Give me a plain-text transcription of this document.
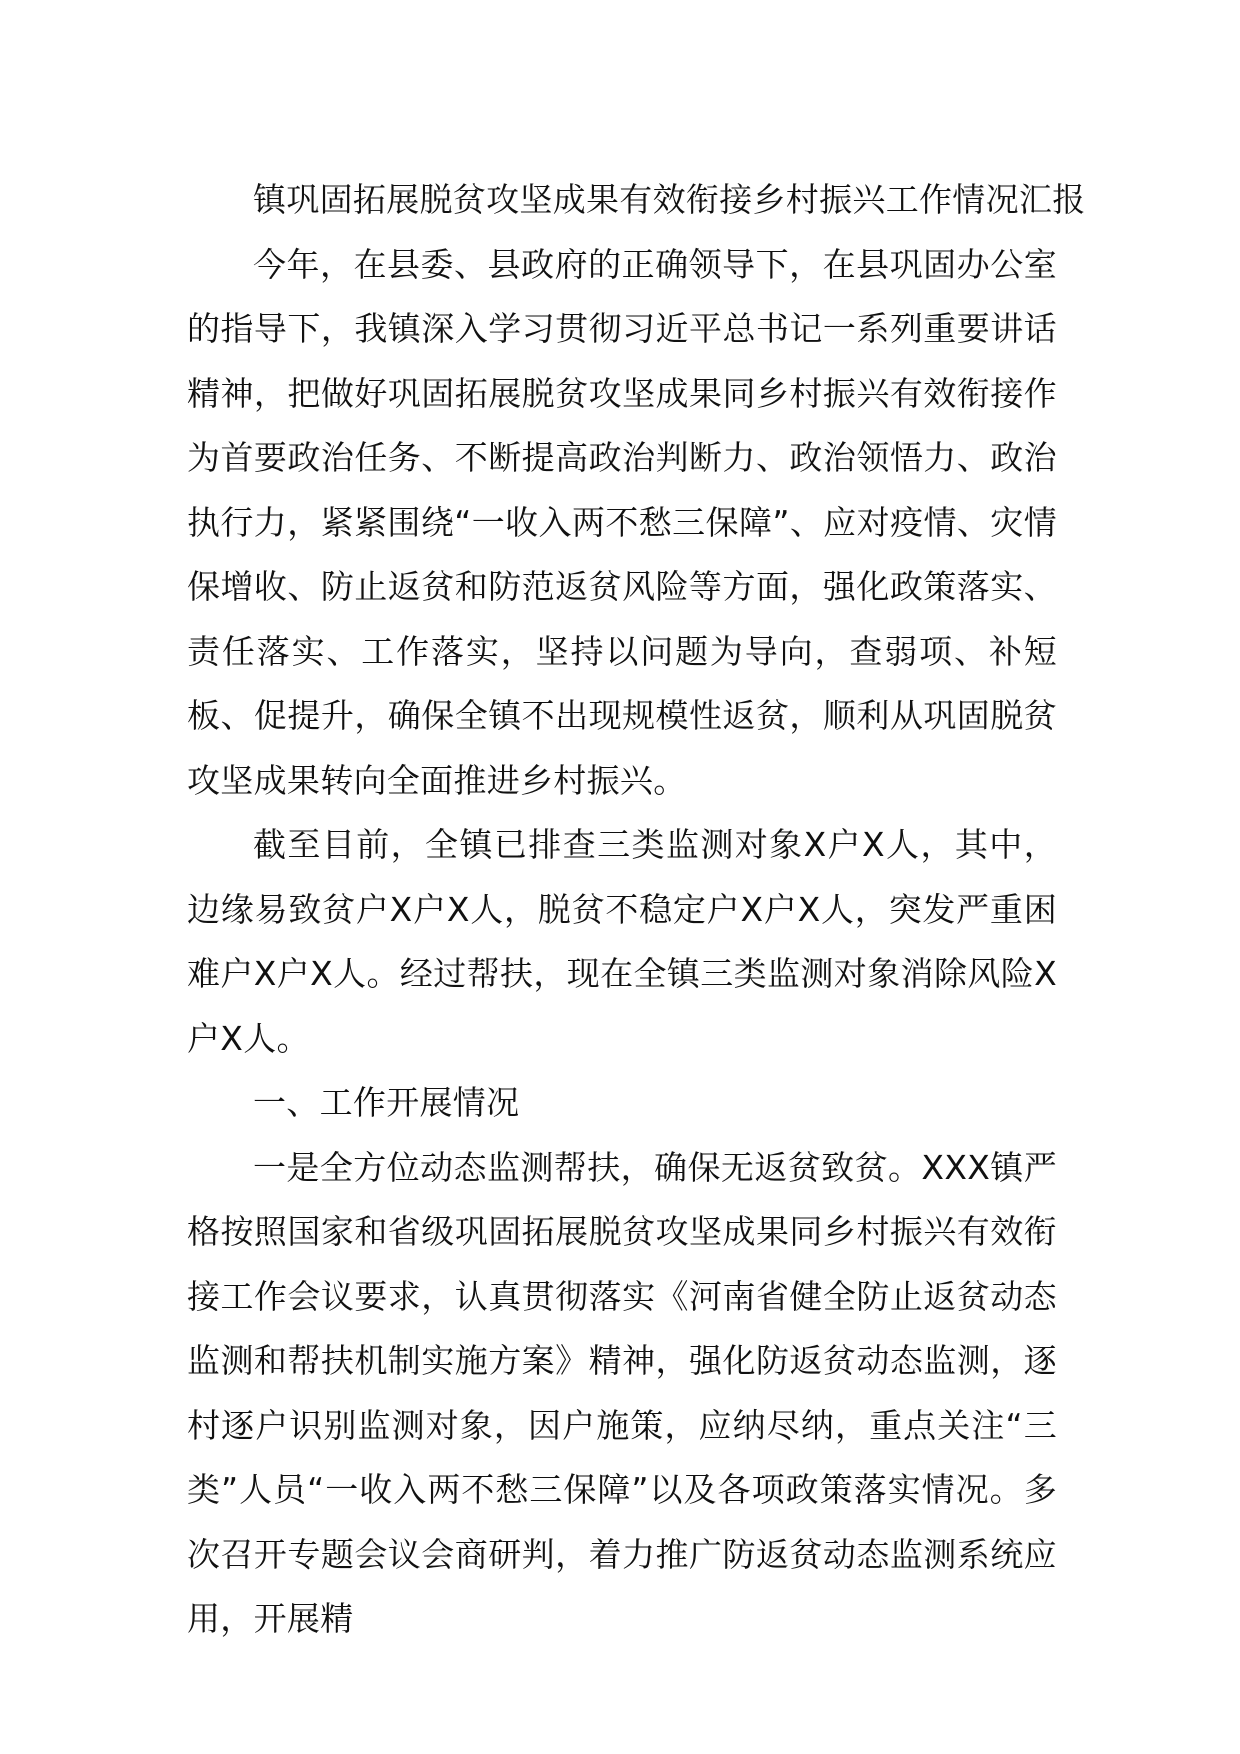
镇巩固拓展脱贫攻坚成果有效衔接乡村振兴工作情况汇报

今年，在县委、县政府的正确领导下，在县巩固办公室的指导下，我镇深入学习贯彻习近平总书记一系列重要讲话精神，把做好巩固拓展脱贫攻坚成果同乡村振兴有效衔接作为首要政治任务、不断提高政治判断力、政治领悟力、政治执行力，紧紧围绕“一收入两不愁三保障”、应对疫情、灾情保增收、防止返贫和防范返贫风险等方面，强化政策落实、责任落实、工作落实，坚持以问题为导向，查弱项、补短板、促提升，确保全镇不出现规模性返贫，顺利从巩固脱贫攻坚成果转向全面推进乡村振兴。

截至目前，全镇已排查三类监测对象X户X人，其中，边缘易致贫户X户X人，脱贫不稳定户X户X人，突发严重困难户X户X人。经过帮扶，现在全镇三类监测对象消除风险X户X人。

一、工作开展情况

一是全方位动态监测帮扶，确保无返贫致贫。XXX镇严格按照国家和省级巩固拓展脱贫攻坚成果同乡村振兴有效衔接工作会议要求，认真贯彻落实《河南省健全防止返贫动态监测和帮扶机制实施方案》精神，强化防返贫动态监测，逐村逐户识别监测对象，因户施策，应纳尽纳，重点关注“三类”人员“一收入两不愁三保障”以及各项政策落实情况。多次召开专题会议会商研判，着力推广防返贫动态监测系统应用，开展精
